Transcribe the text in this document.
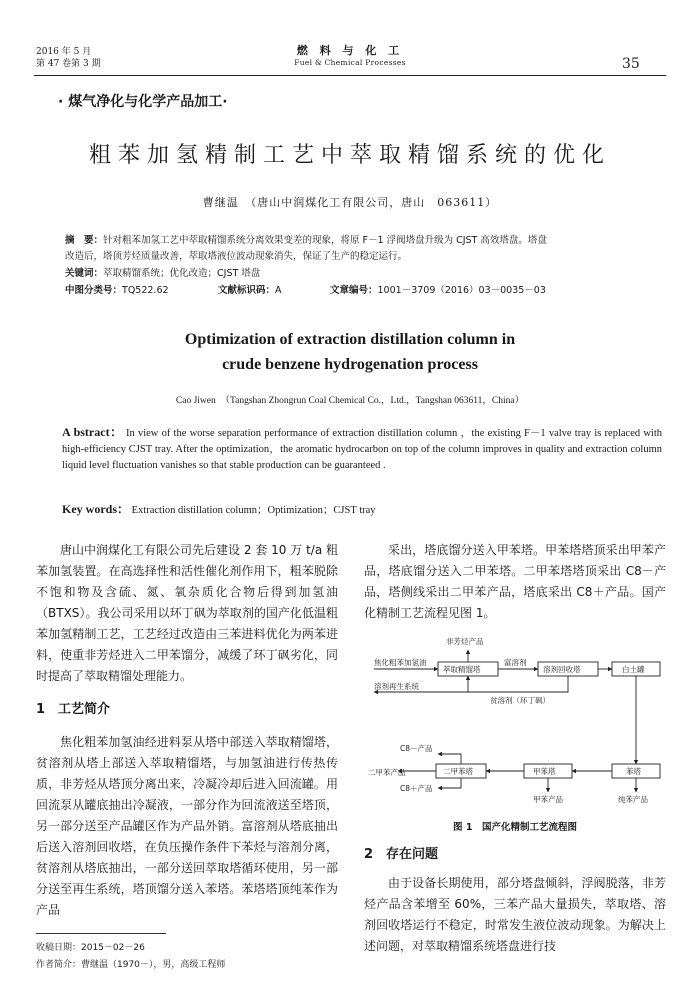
2016 年 5 月
第 47 卷第 3 期
燃 料 与 化 工
Fuel & Chemical Processes	35
· 煤气净化与化学产品加工·
粗苯加氢精制工艺中萃取精馏系统的优化
曹继温　（唐山中润煤化工有限公司，唐山　063611）
摘　要：针对粗苯加氢工艺中萃取精馏系统分离效果变差的现象，将原 F－1 浮阀塔盘升级为 CJST 高效塔盘。塔盘
改造后，塔顶芳烃质量改善，萃取塔液位波动现象消失，保证了生产的稳定运行。
关键词：萃取精馏系统；优化改造；CJST 塔盘
中图分类号：TQ522.62	文献标识码：A	文章编号：1001－3709（2016）03－0035－03
Optimization of extraction distillation column in
crude benzene hydrogenation process
Cao Jiwen　（Tangshan Zhongrun Coal Chemical Co.，Ltd.，Tangshan 063611，China）
A bstract： In view of the worse separation performance of extraction distillation column ，the existing F－1 valve tray is replaced with high-efficiency CJST tray. After the optimization，the aromatic hydrocarbon on top of the column improves in quality and extraction column liquid level fluctuation vanishes so that stable production can be guaranteed .
Key words： Extraction distillation column；Optimization；CJST tray

唐山中润煤化工有限公司先后建设 2 套 10 万 t/a 粗苯加氢装置。在高选择性和活性催化剂作用下，粗苯脱除不饱和物及含硫、氮、氧杂质化合物后得到加氢油（BTXS）。我公司采用以环丁砜为萃取剂的国产化低温粗苯加氢精制工艺，工艺经过改造由三苯进料优化为两苯进料，使重非芳烃进入二甲苯馏分，减缓了环丁砜劣化，同时提高了萃取精馏处理能力。

1　工艺简介

焦化粗苯加氢油经进料泵从塔中部送入萃取精馏塔，贫溶剂从塔上部送入萃取精馏塔，与加氢油进行传热传质，非芳烃从塔顶分离出来，冷凝冷却后进入回流罐。用回流泵从罐底抽出冷凝液，一部分作为回流液送至塔顶，另一部分送至产品罐区作为产品外销。富溶剂从塔底抽出后送入溶剂回收塔，在负压操作条件下苯烃与溶剂分离，贫溶剂从塔底抽出，一部分送回萃取塔循环使用，另一部分送至再生系统，塔顶馏分送入苯塔。苯塔塔顶纯苯作为产品

采出，塔底馏分送入甲苯塔。甲苯塔塔顶采出甲苯产品，塔底馏分送入二甲苯塔。二甲苯塔塔顶采出 C8－产品，塔侧线采出二甲苯产品，塔底采出 C8＋产品。国产化精制工艺流程见图 1。

非芳烃产品
焦化粗苯加氢油
萃取精馏塔
富溶剂
溶剂回收塔	白土罐
溶剂再生系统
贫溶剂（环丁砜）
C8－产品
二甲苯产品	二甲苯塔	甲苯塔	苯塔
C8＋产品
甲苯产品	纯苯产品
图 1　国产化精制工艺流程图

2　存在问题

由于设备长期使用，部分塔盘倾斜，浮阀脱落，非芳烃产品含苯增至 60%，三苯产品大量损失，萃取塔、溶剂回收塔运行不稳定，时常发生液位波动现象。为解决上述问题，对萃取精馏系统塔盘进行技

收稿日期：2015－02－26
作者简介：曹继温（1970－），男，高级工程师
